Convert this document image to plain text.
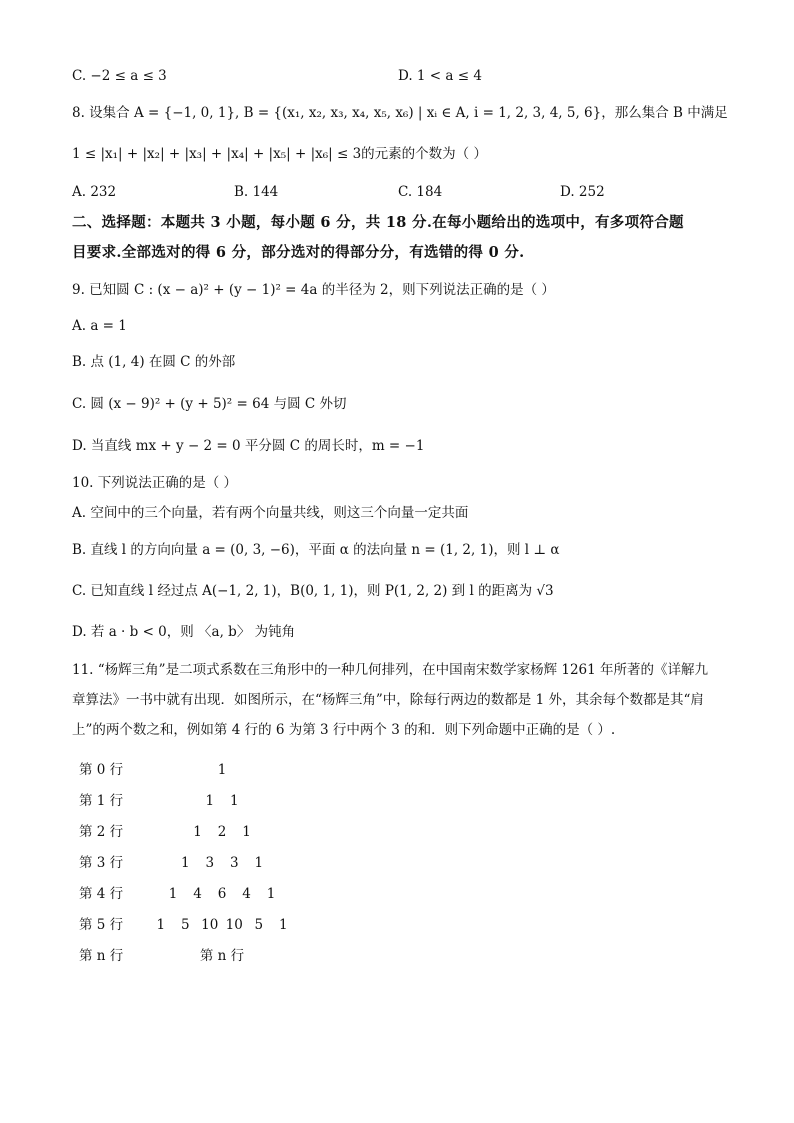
C. −2 ≤ a ≤ 3	D. 1 < a ≤ 4
8. 设集合 A = {−1, 0, 1}, B = {(x₁, x₂, x₃, x₄, x₅, x₆) | xᵢ ∈ A, i = 1, 2, 3, 4, 5, 6}，那么集合 B 中满足
1 ≤ |x₁| + |x₂| + |x₃| + |x₄| + |x₅| + |x₆| ≤ 3的元素的个数为（ ）
A. 232	B. 144	C. 184	D. 252
二、选择题：本题共 3 小题，每小题 6 分，共 18 分.在每小题给出的选项中，有多项符合题
目要求.全部选对的得 6 分，部分选对的得部分分，有选错的得 0 分.
9. 已知圆 C : (x − a)² + (y − 1)² = 4a 的半径为 2，则下列说法正确的是（ ）
A. a = 1
B. 点 (1, 4) 在圆 C 的外部
C. 圆 (x − 9)² + (y + 5)² = 64 与圆 C 外切
D. 当直线 mx + y − 2 = 0 平分圆 C 的周长时，m = −1
10. 下列说法正确的是（ ）
A. 空间中的三个向量，若有两个向量共线，则这三个向量一定共面
B. 直线 l 的方向向量 a = (0, 3, −6)，平面 α 的法向量 n = (1, 2, 1)，则 l ⊥ α
C. 已知直线 l 经过点 A(−1, 2, 1)，B(0, 1, 1)，则 P(1, 2, 2) 到 l 的距离为 √3
D. 若 a · b < 0，则 〈a, b〉 为钝角
11. “杨辉三角”是二项式系数在三角形中的一种几何排列，在中国南宋数学家杨辉 1261 年所著的《详解九
章算法》一书中就有出现．如图所示，在“杨辉三角”中，除每行两边的数都是 1 外，其余每个数都是其“肩
上”的两个数之和，例如第 4 行的 6 为第 3 行中两个 3 的和．则下列命题中正确的是（ ）.
第 0 行	1
第 1 行	1 1
第 2 行	1 2 1
第 3 行	1 3 3 1
第 4 行	1 4 6 4 1
第 5 行 1 5 10 10 5 1
第 n 行	第 n 行
